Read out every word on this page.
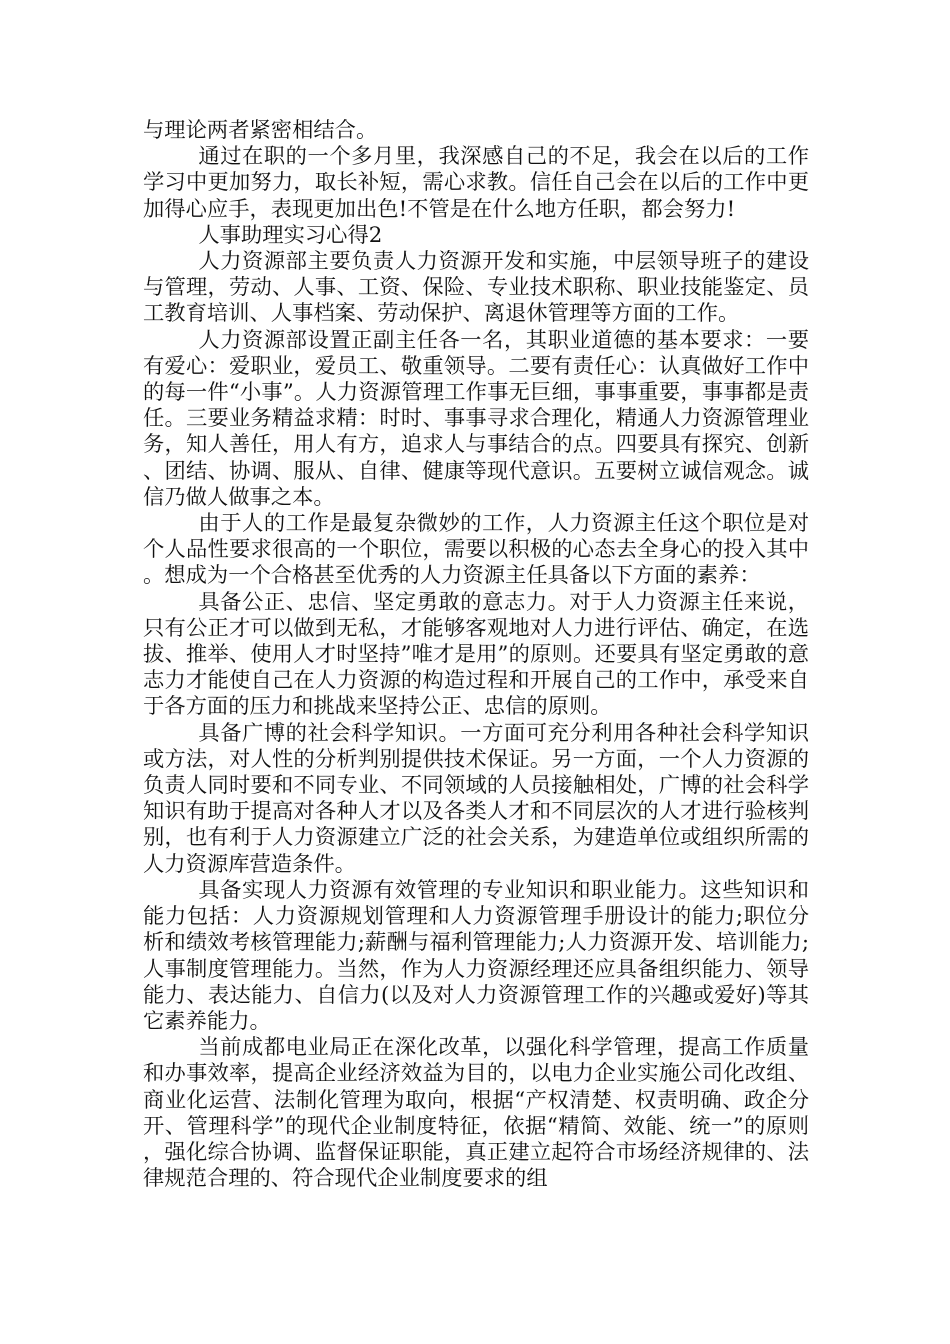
与理论两者紧密相结合。

通过在职的一个多月里，我深感自己的不足，我会在以后的工作学习中更加努力，取长补短，需心求教。信任自己会在以后的工作中更加得心应手，表现更加出色!不管是在什么地方任职，都会努力!

人事助理实习心得2

人力资源部主要负责人力资源开发和实施，中层领导班子的建设与管理，劳动、人事、工资、保险、专业技术职称、职业技能鉴定、员工教育培训、人事档案、劳动保护、离退休管理等方面的工作。

人力资源部设置正副主任各一名，其职业道德的基本要求：一要有爱心：爱职业，爱员工、敬重领导。二要有责任心：认真做好工作中的每一件“小事”。人力资源管理工作事无巨细，事事重要，事事都是责任。三要业务精益求精：时时、事事寻求合理化，精通人力资源管理业务，知人善任，用人有方，追求人与事结合的点。四要具有探究、创新、团结、协调、服从、自律、健康等现代意识。五要树立诚信观念。诚信乃做人做事之本。

由于人的工作是最复杂微妙的工作，人力资源主任这个职位是对个人品性要求很高的一个职位，需要以积极的心态去全身心的投入其中。想成为一个合格甚至优秀的人力资源主任具备以下方面的素养：

具备公正、忠信、坚定勇敢的意志力。对于人力资源主任来说，只有公正才可以做到无私，才能够客观地对人力进行评估、确定，在选拔、推举、使用人才时坚持”唯才是用”的原则。还要具有坚定勇敢的意志力才能使自己在人力资源的构造过程和开展自己的工作中，承受来自于各方面的压力和挑战来坚持公正、忠信的原则。

具备广博的社会科学知识。一方面可充分利用各种社会科学知识或方法，对人性的分析判别提供技术保证。另一方面，一个人力资源的负责人同时要和不同专业、不同领域的人员接触相处，广博的社会科学知识有助于提高对各种人才以及各类人才和不同层次的人才进行验核判别，也有利于人力资源建立广泛的社会关系，为建造单位或组织所需的人力资源库营造条件。

具备实现人力资源有效管理的专业知识和职业能力。这些知识和能力包括：人力资源规划管理和人力资源管理手册设计的能力;职位分析和绩效考核管理能力;薪酬与福利管理能力;人力资源开发、培训能力;人事制度管理能力。当然，作为人力资源经理还应具备组织能力、领导能力、表达能力、自信力(以及对人力资源管理工作的兴趣或爱好)等其它素养能力。

当前成都电业局正在深化改革，以强化科学管理，提高工作质量和办事效率，提高企业经济效益为目的，以电力企业实施公司化改组、商业化运营、法制化管理为取向，根据“产权清楚、权责明确、政企分开、管理科学”的现代企业制度特征，依据“精简、效能、统一”的原则，强化综合协调、监督保证职能，真正建立起符合市场经济规律的、法律规范合理的、符合现代企业制度要求的组
